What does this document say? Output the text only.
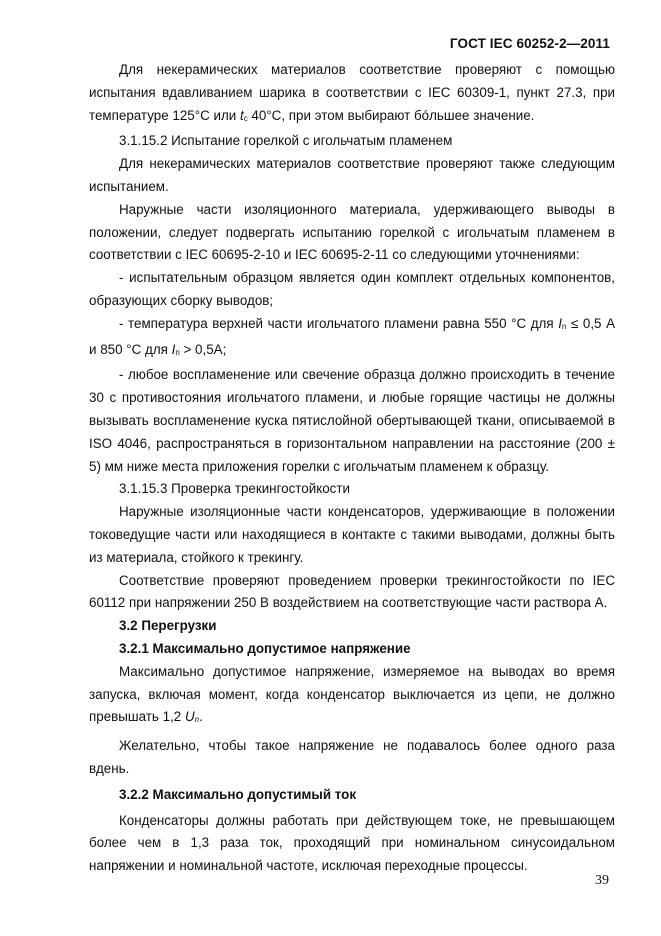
ГОСТ IEC 60252-2—2011

Для некерамических материалов соответствие проверяют с помощью испытания вдавливанием шарика в соответствии с IEC 60309-1, пункт 27.3, при температуре 125°С или tc 40°С, при этом выбирают бóльшее значение.

3.1.15.2 Испытание горелкой с игольчатым пламенем

Для некерамических материалов соответствие проверяют также следующим испытанием.

Наружные части изоляционного материала, удерживающего выводы в положении, следует подвергать испытанию горелкой с игольчатым пламенем в соответствии с IEC 60695-2-10 и IEC 60695-2-11 со следующими уточнениями:

- испытательным образцом является один комплект отдельных компонентов, образующих сборку выводов;

- температура верхней части игольчатого пламени равна 550 °С для In ≤ 0,5 А и 850 °С для In > 0,5А;

- любое воспламенение или свечение образца должно происходить в течение 30 с противостояния игольчатого пламени, и любые горящие частицы не должны вызывать воспламенение куска пятислойной обертывающей ткани, описываемой в ISO 4046, распространяться в горизонтальном направлении на расстояние (200 ± 5) мм ниже места приложения горелки с игольчатым пламенем к образцу.

3.1.15.3 Проверка трекингостойкости

Наружные изоляционные части конденсаторов, удерживающие в положении токоведущие части или находящиеся в контакте с такими выводами, должны быть из материала, стойкого к трекингу.

Соответствие проверяют проведением проверки трекингостойкости по IEC 60112 при напряжении 250 В воздействием на соответствующие части раствора А.

3.2 Перегрузки

3.2.1 Максимально допустимое напряжение

Максимально допустимое напряжение, измеряемое на выводах во время запуска, включая момент, когда конденсатор выключается из цепи, не должно превышать 1,2 Un.

Желательно, чтобы такое напряжение не подавалось более одного раза вдень.

3.2.2 Максимально допустимый ток

Конденсаторы должны работать при действующем токе, не превышающем более чем в 1,3 раза ток, проходящий при номинальном синусоидальном напряжении и номинальной частоте, исключая переходные процессы.

39
